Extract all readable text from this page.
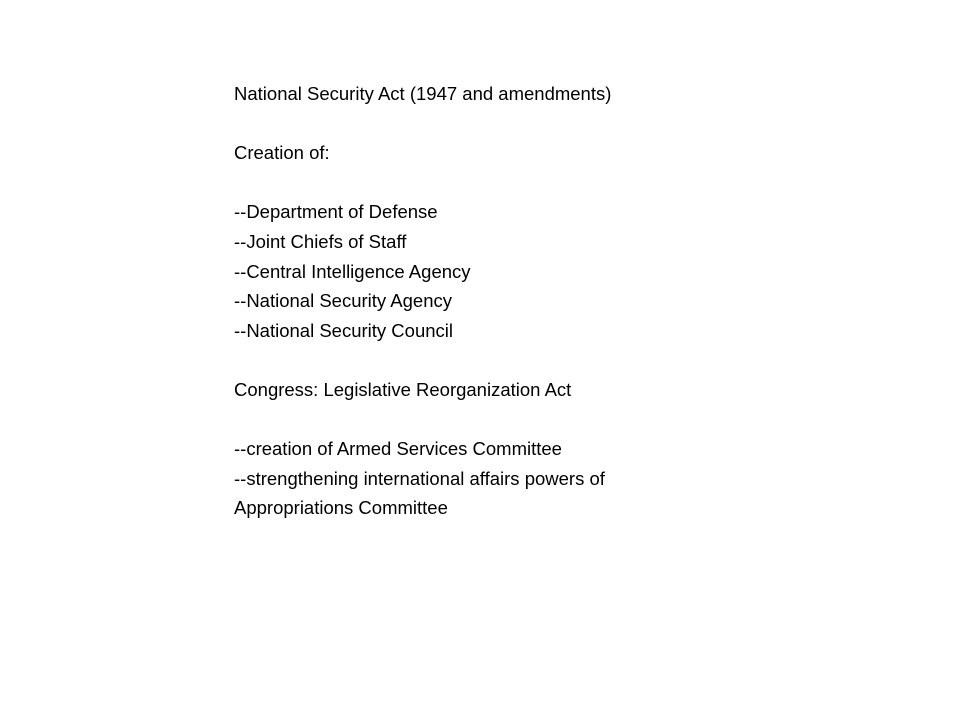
National Security Act (1947 and amendments)
Creation of:
--Department of Defense
--Joint Chiefs of Staff
--Central Intelligence Agency
--National Security Agency
--National Security Council
Congress: Legislative Reorganization Act
--creation of Armed Services Committee
--strengthening international affairs powers of
Appropriations Committee
